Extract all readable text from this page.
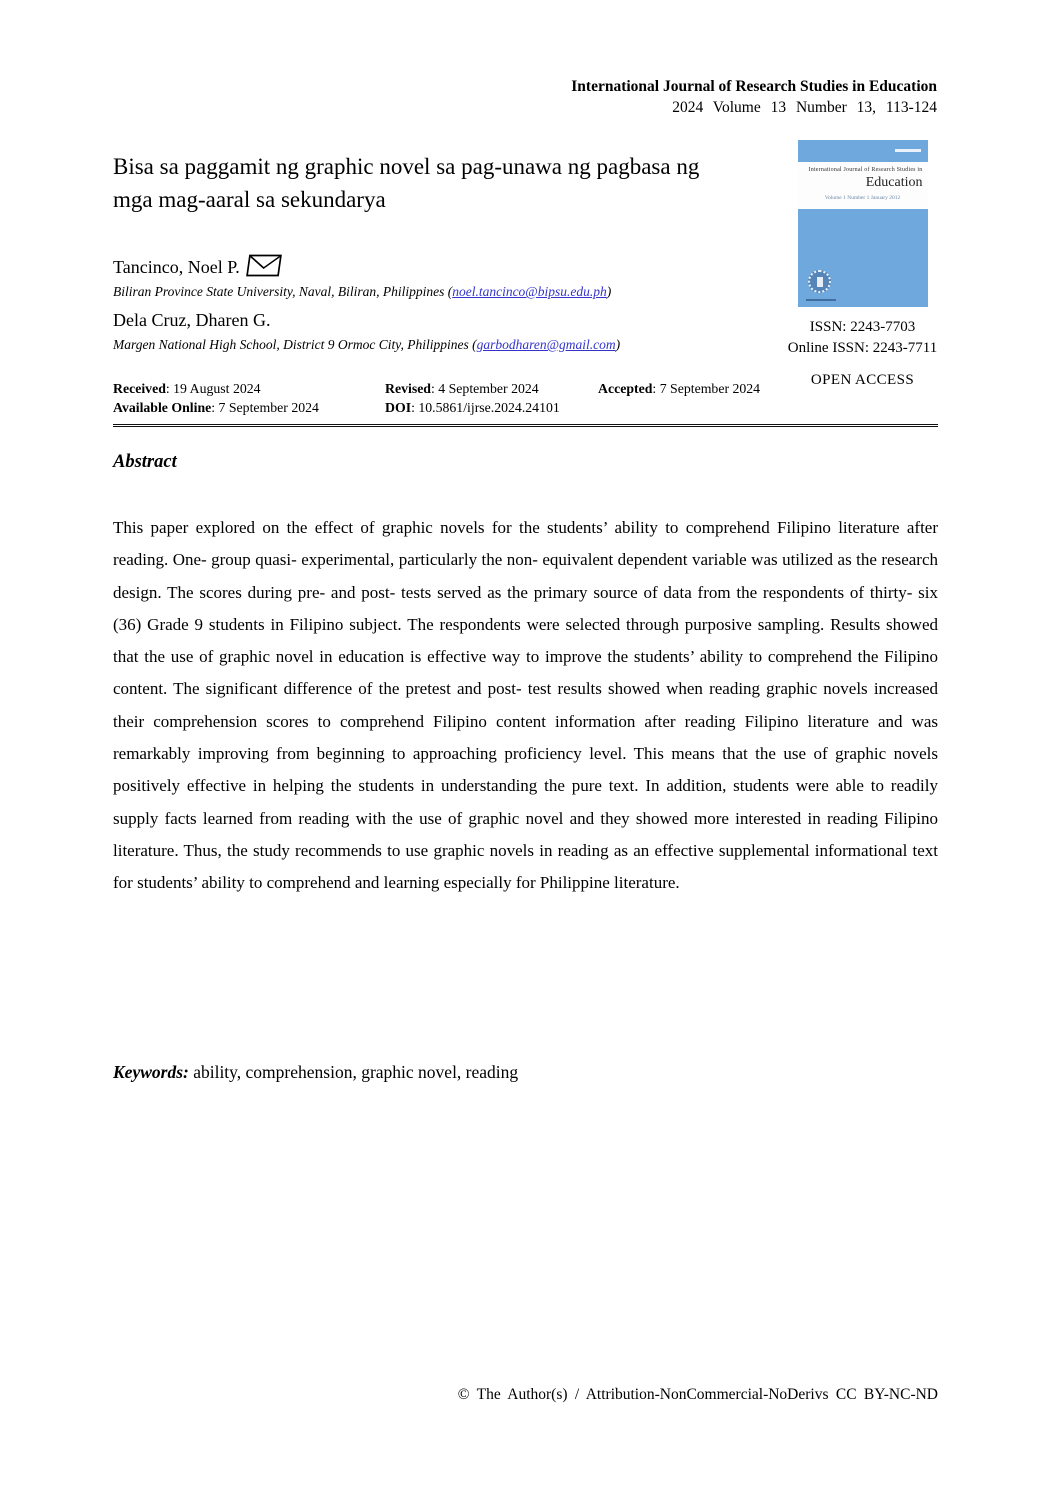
International Journal of Research Studies in Education
2024 Volume 13 Number 13, 113-124
Bisa sa paggamit ng graphic novel sa pag-unawa ng pagbasa ng mga mag-aaral sa sekundarya
Tancinco, Noel P.
Biliran Province State University, Naval, Biliran, Philippines (noel.tancinco@bipsu.edu.ph)
Dela Cruz, Dharen G.
Margen National High School, District 9 Ormoc City, Philippines (garbodharen@gmail.com)
Received: 19 August 2024	Revised: 4 September 2024	Accepted: 7 September 2024
Available Online: 7 September 2024	DOI: 10.5861/ijrse.2024.24101
International Journal of Research Studies in
Education
Volume 1 Number 1 January 2012
ISSN: 2243-7703
Online ISSN: 2243-7711
OPEN ACCESS
Abstract
This paper explored on the effect of graphic novels for the students’ ability to comprehend Filipino literature after reading. One- group quasi- experimental, particularly the non- equivalent dependent variable was utilized as the research design. The scores during pre- and post- tests served as the primary source of data from the respondents of thirty- six (36) Grade 9 students in Filipino subject. The respondents were selected through purposive sampling. Results showed that the use of graphic novel in education is effective way to improve the students’ ability to comprehend the Filipino content. The significant difference of the pretest and post- test results showed when reading graphic novels increased their comprehension scores to comprehend Filipino content information after reading Filipino literature and was remarkably improving from beginning to approaching proficiency level. This means that the use of graphic novels positively effective in helping the students in understanding the pure text. In addition, students were able to readily supply facts learned from reading with the use of graphic novel and they showed more interested in reading Filipino literature. Thus, the study recommends to use graphic novels in reading as an effective supplemental informational text for students’ ability to comprehend and learning especially for Philippine literature.
Keywords: ability, comprehension, graphic novel, reading
© The Author(s) / Attribution-NonCommercial-NoDerivs CC BY-NC-ND
